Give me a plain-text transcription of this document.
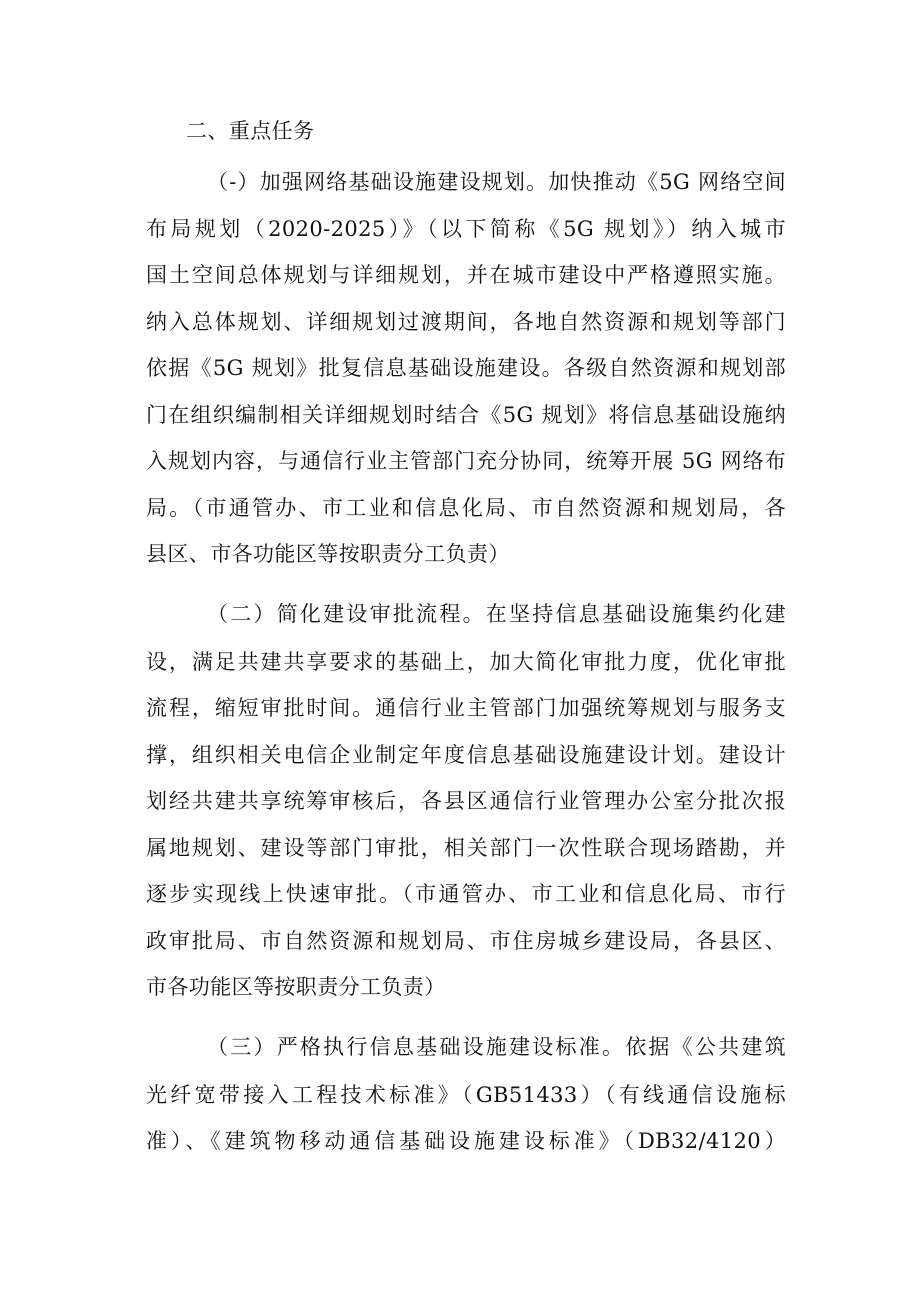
二、重点任务
（-）加强网络基础设施建设规划。加快推动《5G 网络空间
布局规划（2020-2025）》（以下简称《5G 规划》）纳入城市
国土空间总体规划与详细规划，并在城市建设中严格遵照实施。
纳入总体规划、详细规划过渡期间，各地自然资源和规划等部门
依据《5G 规划》批复信息基础设施建设。各级自然资源和规划部
门在组织编制相关详细规划时结合《5G 规划》将信息基础设施纳
入规划内容，与通信行业主管部门充分协同，统筹开展 5G 网络布
局。（市通管办、市工业和信息化局、市自然资源和规划局，各
县区、市各功能区等按职责分工负责）
（二）简化建设审批流程。在坚持信息基础设施集约化建
设，满足共建共享要求的基础上，加大简化审批力度，优化审批
流程，缩短审批时间。通信行业主管部门加强统筹规划与服务支
撑，组织相关电信企业制定年度信息基础设施建设计划。建设计
划经共建共享统筹审核后，各县区通信行业管理办公室分批次报
属地规划、建设等部门审批，相关部门一次性联合现场踏勘，并
逐步实现线上快速审批。（市通管办、市工业和信息化局、市行
政审批局、市自然资源和规划局、市住房城乡建设局，各县区、
市各功能区等按职责分工负责）
（三）严格执行信息基础设施建设标准。依据《公共建筑
光纤宽带接入工程技术标准》（GB51433）（有线通信设施标
准）、《建筑物移动通信基础设施建设标准》（DB32/4120）
